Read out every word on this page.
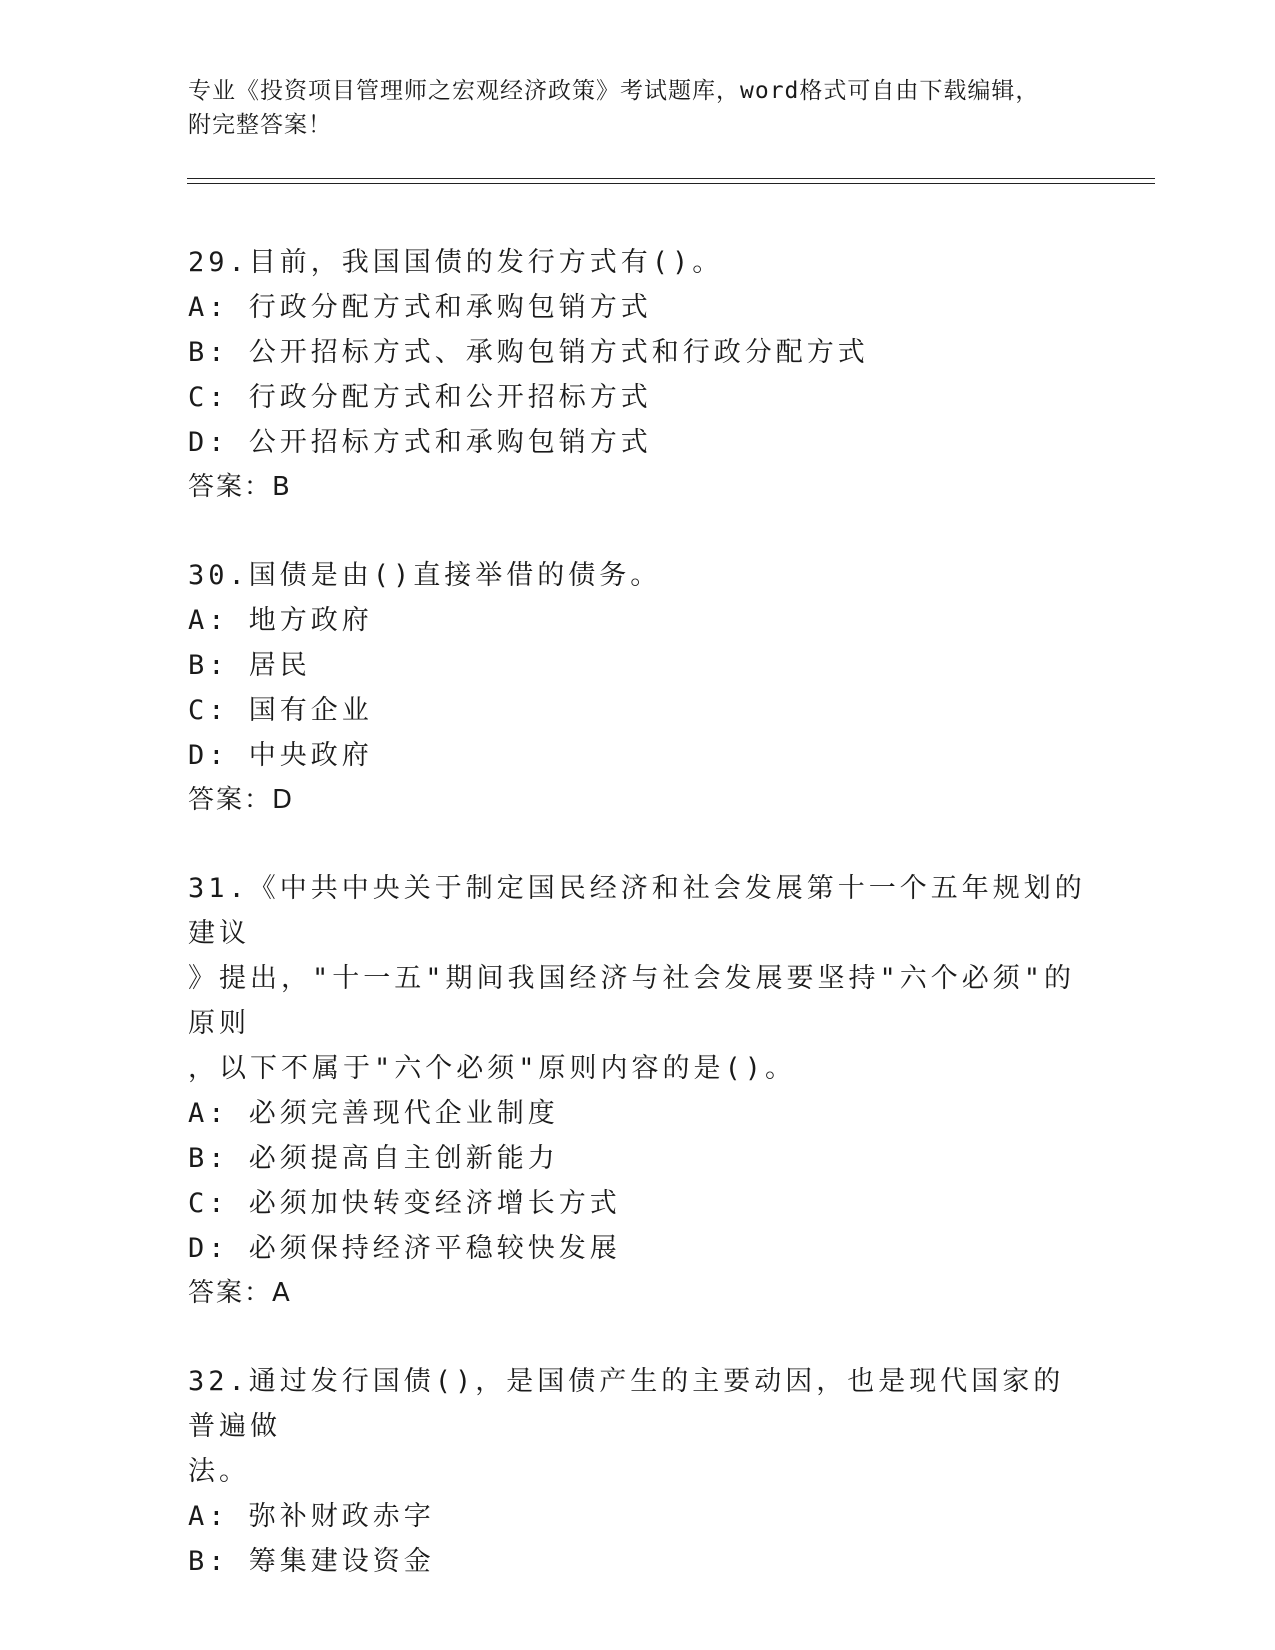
专业《投资项目管理师之宏观经济政策》考试题库，word格式可自由下载编辑，
附完整答案！

29.目前，我国国债的发行方式有()。

A: 行政分配方式和承购包销方式

B: 公开招标方式、承购包销方式和行政分配方式

C: 行政分配方式和公开招标方式

D: 公开招标方式和承购包销方式

答案：B

30.国债是由()直接举借的债务。

A: 地方政府

B: 居民

C: 国有企业

D: 中央政府

答案：D

31.《中共中央关于制定国民经济和社会发展第十一个五年规划的建议
》提出，"十一五"期间我国经济与社会发展要坚持"六个必须"的原则
，以下不属于"六个必须"原则内容的是()。

A: 必须完善现代企业制度

B: 必须提高自主创新能力

C: 必须加快转变经济增长方式

D: 必须保持经济平稳较快发展

答案：A

32.通过发行国债()，是国债产生的主要动因，也是现代国家的普遍做
法。

A: 弥补财政赤字

B: 筹集建设资金
